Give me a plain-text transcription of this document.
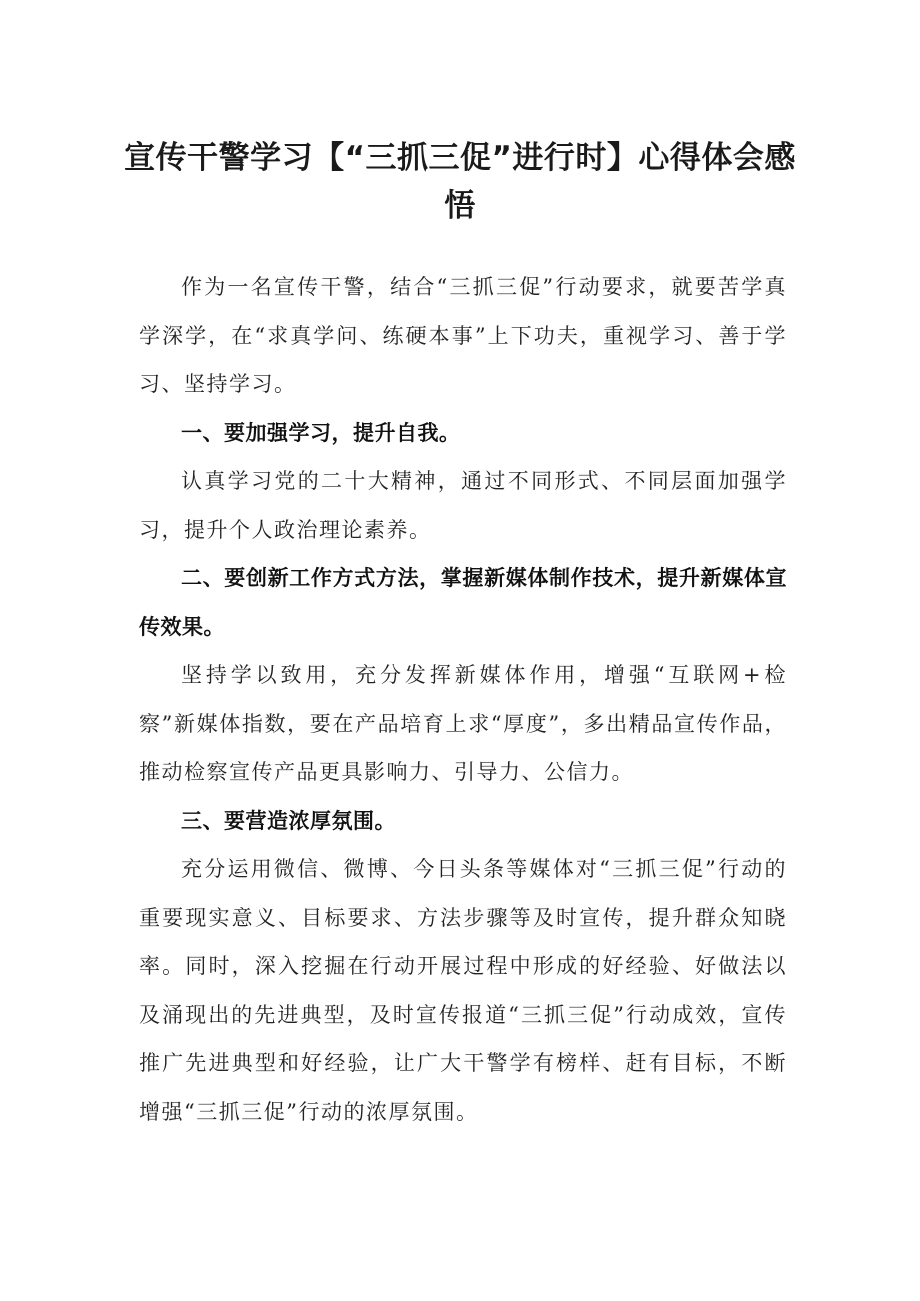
宣传干警学习【“三抓三促”进行时】心得体会感悟

作为一名宣传干警，结合“三抓三促”行动要求，就要苦学真学深学，在“求真学问、练硬本事”上下功夫，重视学习、善于学习、坚持学习。

一、要加强学习，提升自我。

认真学习党的二十大精神，通过不同形式、不同层面加强学习，提升个人政治理论素养。

二、要创新工作方式方法，掌握新媒体制作技术，提升新媒体宣传效果。

坚持学以致用，充分发挥新媒体作用，增强“互联网+检察”新媒体指数，要在产品培育上求“厚度”，多出精品宣传作品，推动检察宣传产品更具影响力、引导力、公信力。

三、要营造浓厚氛围。

充分运用微信、微博、今日头条等媒体对“三抓三促”行动的重要现实意义、目标要求、方法步骤等及时宣传，提升群众知晓率。同时，深入挖掘在行动开展过程中形成的好经验、好做法以及涌现出的先进典型，及时宣传报道“三抓三促”行动成效，宣传推广先进典型和好经验，让广大干警学有榜样、赶有目标，不断增强“三抓三促”行动的浓厚氛围。
